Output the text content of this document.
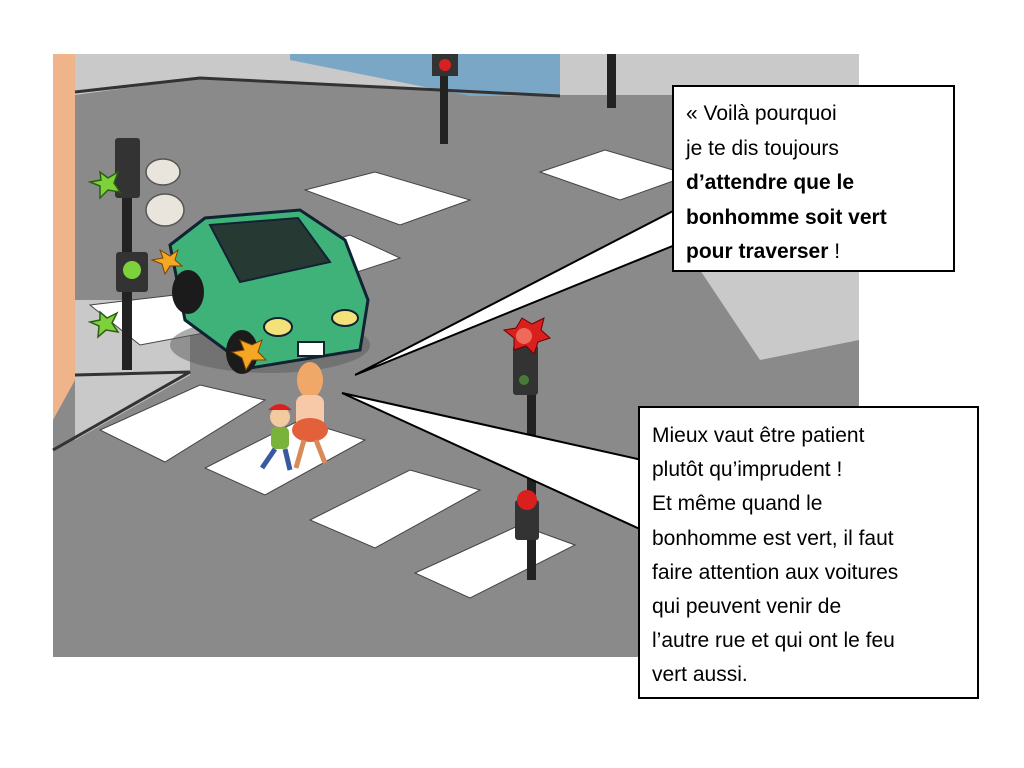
« Voilà pourquoi
je te dis toujours
d’attendre que le
bonhomme soit vert
pour traverser !
Mieux vaut être patient
plutôt qu’imprudent !
Et même quand le
bonhomme est vert, il faut
faire attention aux voitures
qui peuvent venir de
l’autre rue et qui ont le feu
vert aussi.
